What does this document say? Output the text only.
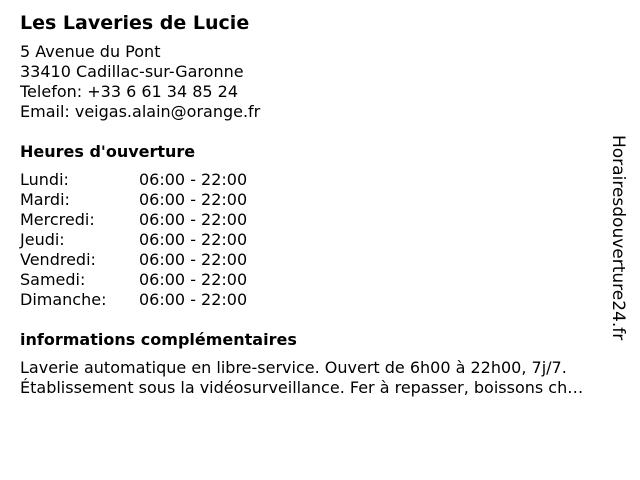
Les Laveries de Lucie
5 Avenue du Pont
33410 Cadillac-sur-Garonne
Telefon: +33 6 61 34 85 24
Email: veigas.alain@orange.fr
Heures d'ouverture
Lundi:	06:00 - 22:00
Mardi:	06:00 - 22:00
Mercredi:	06:00 - 22:00
Jeudi:	06:00 - 22:00
Vendredi:	06:00 - 22:00
Samedi:	06:00 - 22:00
Dimanche:	06:00 - 22:00
informations complémentaires
Laverie automatique en libre-service. Ouvert de 6h00 à 22h00, 7j/7.
Établissement sous la vidéosurveillance. Fer à repasser, boissons ch…
Horairesdouverture24.fr
